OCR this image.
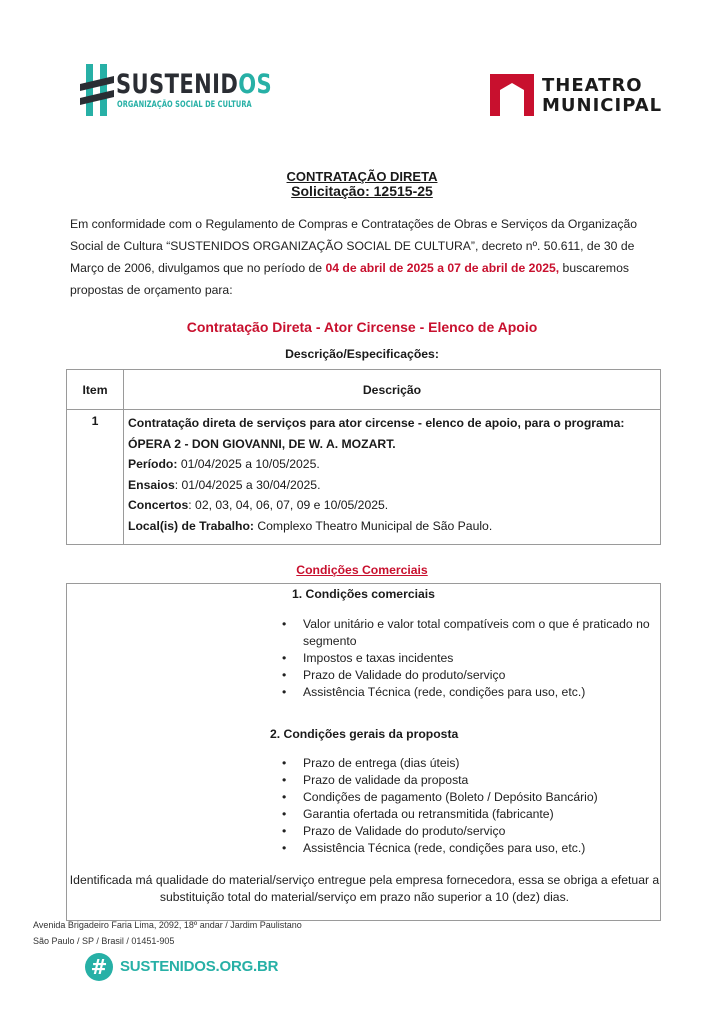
SUSTENIDOS
ORGANIZAÇÃO SOCIAL DE CULTURA
THEATRO
MUNICIPAL
CONTRATAÇÃO DIRETA
Solicitação: 12515-25

Em conformidade com o Regulamento de Compras e Contratações de Obras e Serviços da Organização Social de Cultura “SUSTENIDOS ORGANIZAÇÃO SOCIAL DE CULTURA”, decreto nº. 50.611, de 30 de Março de 2006, divulgamos que no período de 04 de abril de 2025 a 07 de abril de 2025, buscaremos propostas de orçamento para:

Contratação Direta - Ator Circense - Elenco de Apoio
Descrição/Especificações:
Item	Descrição
1	Contratação direta de serviços para ator circense - elenco de apoio, para o programa:
ÓPERA 2 - DON GIOVANNI, DE W. A. MOZART.
Período: 01/04/2025 a 10/05/2025.
Ensaios: 01/04/2025 a 30/04/2025.
Concertos: 02, 03, 04, 06, 07, 09 e 10/05/2025.
Local(is) de Trabalho: Complexo Theatro Municipal de São Paulo.
Condições Comerciais
1. Condições comerciais
• Valor unitário e valor total compatíveis com o que é praticado no segmento
• Impostos e taxas incidentes
• Prazo de Validade do produto/serviço
• Assistência Técnica (rede, condições para uso, etc.)
2. Condições gerais da proposta
• Prazo de entrega (dias úteis)
• Prazo de validade da proposta
• Condições de pagamento (Boleto / Depósito Bancário)
• Garantia ofertada ou retransmitida (fabricante)
• Prazo de Validade do produto/serviço
• Assistência Técnica (rede, condições para uso, etc.)
Identificada má qualidade do material/serviço entregue pela empresa fornecedora, essa se obriga a efetuar a substituição total do material/serviço em prazo não superior a 10 (dez) dias.
Avenida Brigadeiro Faria Lima, 2092, 18º andar / Jardim Paulistano
São Paulo / SP / Brasil / 01451-905
# SUSTENIDOS.ORG.BR
